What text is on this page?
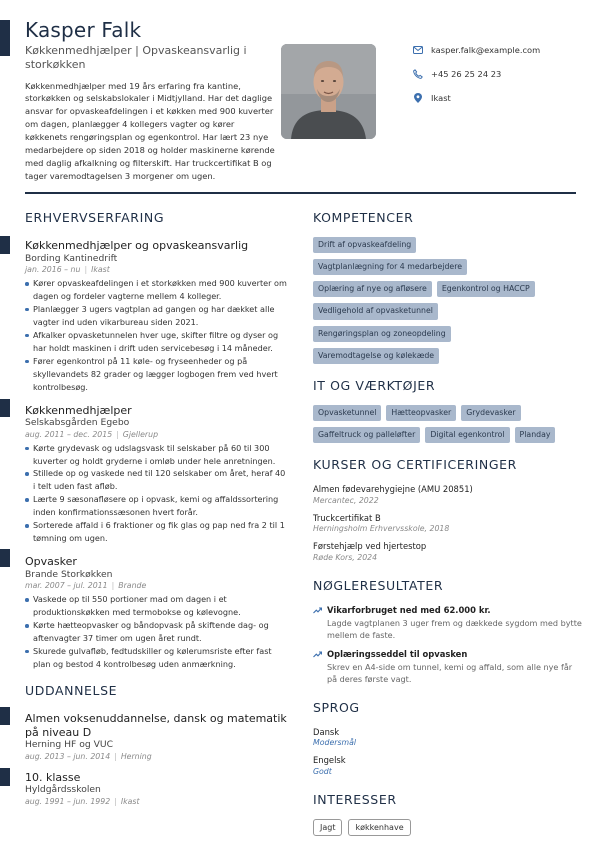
Kasper Falk
Køkkenmedhjælper | Opvaskeansvarlig i storkøkken
Køkkenmedhjælper med 19 års erfaring fra kantine, storkøkken og selskabslokaler i Midtjylland. Har det daglige ansvar for opvaskeafdelingen i et køkken med 900 kuverter om dagen, planlægger 4 kollegers vagter og kører køkkenets rengøringsplan og egenkontrol. Har lært 23 nye medarbejdere op siden 2018 og holder maskinerne kørende med daglig afkalkning og filterskift. Har truckcertifikat B og tager varemodtagelsen 3 morgener om ugen.
kasper.falk@example.com
+45 26 25 24 23
Ikast
ERHVERVSERFARING
Køkkenmedhjælper og opvaskeansvarlig
Bording Kantinedrift
jan. 2016 – nu | Ikast
Kører opvaskeafdelingen i et storkøkken med 900 kuverter om dagen og fordeler vagterne mellem 4 kolleger.
Planlægger 3 ugers vagtplan ad gangen og har dækket alle vagter ind uden vikarbureau siden 2021.
Afkalker opvasketunnelen hver uge, skifter filtre og dyser og har holdt maskinen i drift uden servicebesøg i 14 måneder.
Fører egenkontrol på 11 køle- og fryseenheder og på skyllevandets 82 grader og lægger logbogen frem ved hvert kontrolbesøg.
Køkkenmedhjælper
Selskabsgården Egebo
aug. 2011 – dec. 2015 | Gjellerup
Kørte grydevask og udslagsvask til selskaber på 60 til 300 kuverter og holdt gryderne i omløb under hele anretningen.
Stillede op og vaskede ned til 120 selskaber om året, heraf 40 i telt uden fast afløb.
Lærte 9 sæsonafløsere op i opvask, kemi og affaldssortering inden konfirmationssæsonen hvert forår.
Sorterede affald i 6 fraktioner og fik glas og pap ned fra 2 til 1 tømning om ugen.
Opvasker
Brande Storkøkken
mar. 2007 – jul. 2011 | Brande
Vaskede op til 550 portioner mad om dagen i et produktionskøkken med termobokse og kølevogne.
Kørte hætteopvasker og båndopvask på skiftende dag- og aftenvagter 37 timer om ugen året rundt.
Skurede gulvafløb, fedtudskiller og kølerumsriste efter fast plan og bestod 4 kontrolbesøg uden anmærkning.
UDDANNELSE
Almen voksenuddannelse, dansk og matematik på niveau D
Herning HF og VUC
aug. 2013 – jun. 2014 | Herning
10. klasse
Hyldgårdsskolen
aug. 1991 – jun. 1992 | Ikast
KOMPETENCER
Drift af opvaskeafdeling
Vagtplanlægning for 4 medarbejdere
Oplæring af nye og afløsere	Egenkontrol og HACCP
Vedligehold af opvasketunnel
Rengøringsplan og zoneopdeling
Varemodtagelse og kølekæde
IT OG VÆRKTØJER
Opvasketunnel	Hætteopvasker	Grydevasker
Gaffeltruck og palleløfter	Digital egenkontrol	Planday
KURSER OG CERTIFICERINGER
Almen fødevarehygiejne (AMU 20851)
Mercantec, 2022
Truckcertifikat B
Herningsholm Erhvervsskole, 2018
Førstehjælp ved hjertestop
Røde Kors, 2024
NØGLERESULTATER
Vikarforbruget ned med 62.000 kr.
Lagde vagtplanen 3 uger frem og dækkede sygdom med bytte mellem de faste.
Oplæringsseddel til opvasken
Skrev en A4-side om tunnel, kemi og affald, som alle nye får på deres første vagt.
SPROG
Dansk
Modersmål
Engelsk
Godt
INTERESSER
Jagt	køkkenhave
